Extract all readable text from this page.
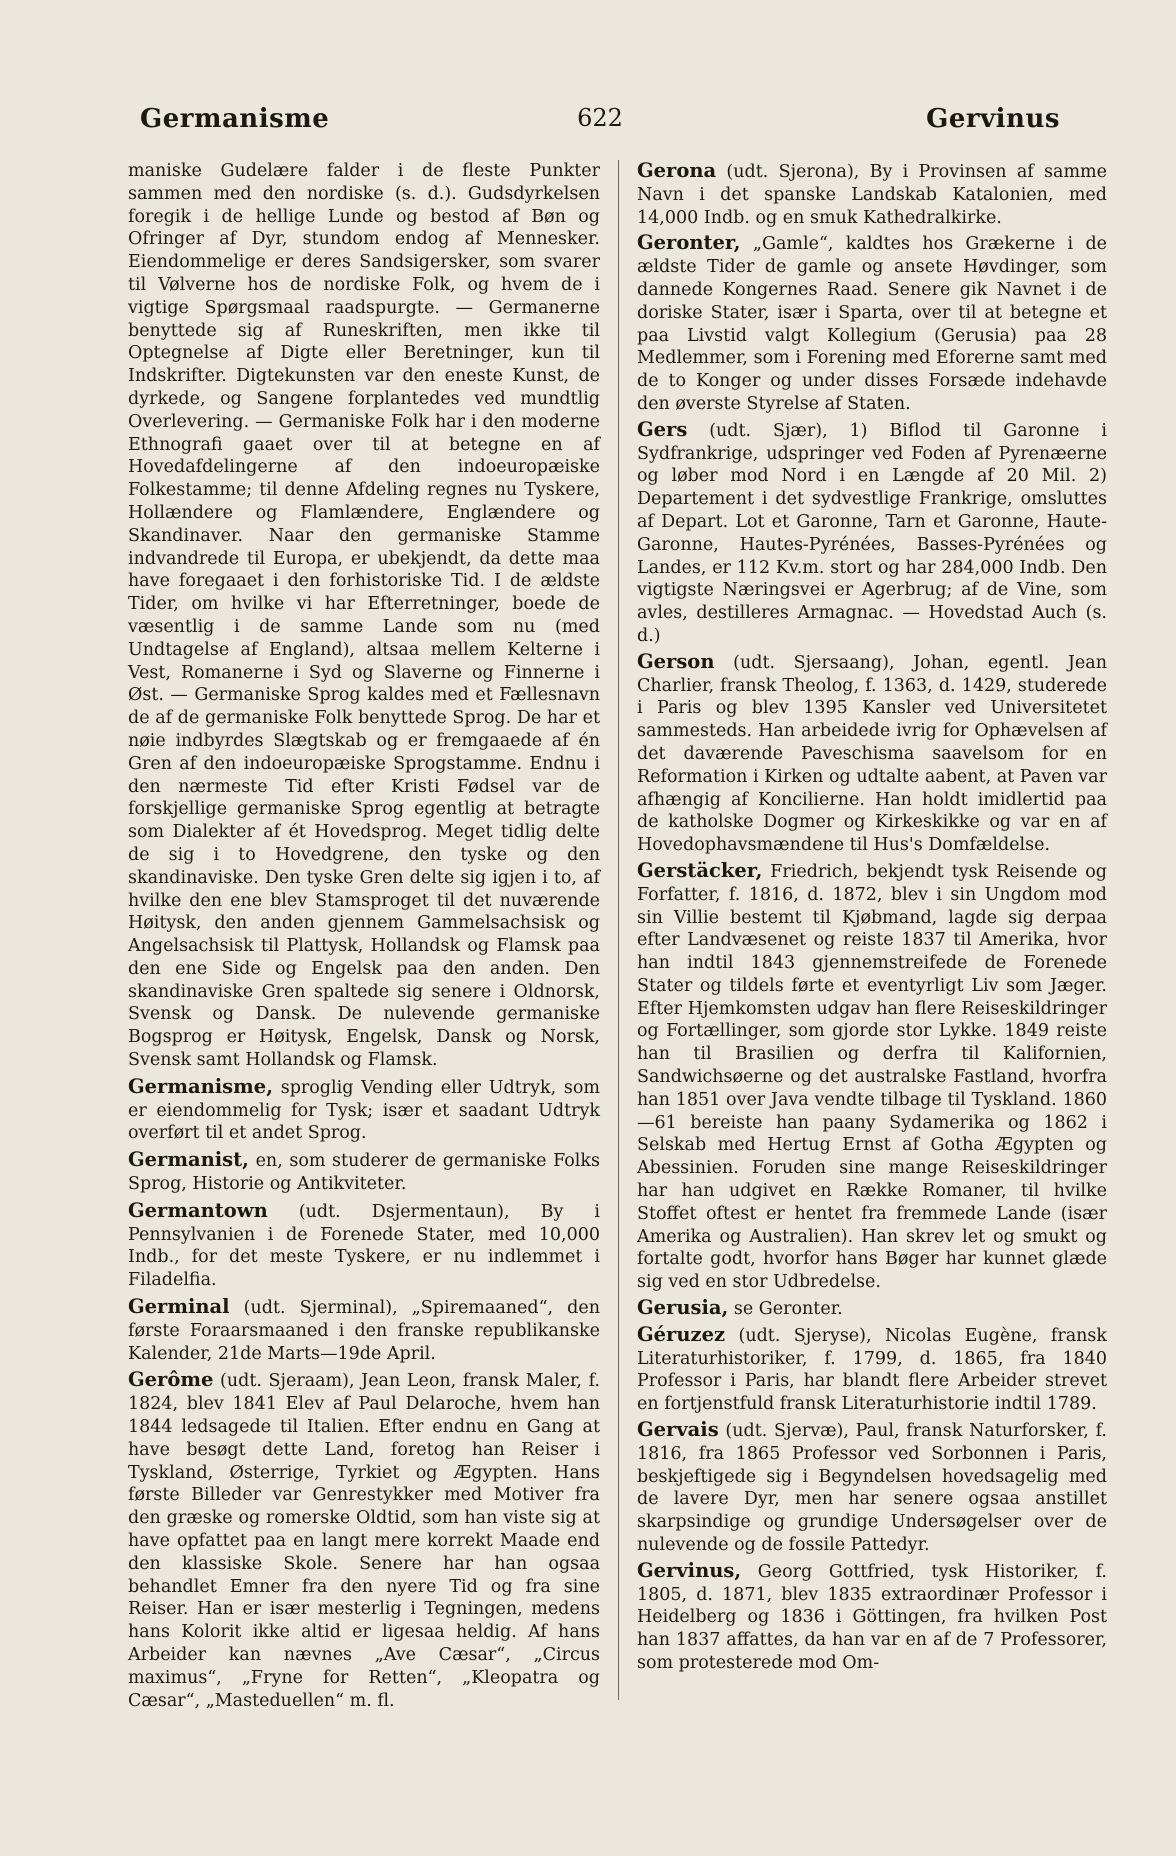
Germanisme	622	Gervinus

maniske Gudelære falder i de fleste Punkter sammen med den nordiske (s. d.). Gudsdyrkelsen foregik i de hellige Lunde og bestod af Bøn og Ofringer af Dyr, stundom endog af Mennesker. Eiendommelige er deres Sandsigersker, som svarer til Vølverne hos de nordiske Folk, og hvem de i vigtige Spørgsmaal raadspurgte. — Germanerne benyttede sig af Runeskriften, men ikke til Optegnelse af Digte eller Beretninger, kun til Indskrifter. Digtekunsten var den eneste Kunst, de dyrkede, og Sangene forplantedes ved mundtlig Overlevering. — Germaniske Folk har i den moderne Ethnografi gaaet over til at betegne en af Hovedafdelingerne af den indoeuropæiske Folkestamme; til denne Afdeling regnes nu Tyskere, Hollændere og Flamlændere, Englændere og Skandinaver. Naar den germaniske Stamme indvandrede til Europa, er ubekjendt, da dette maa have foregaaet i den forhistoriske Tid. I de ældste Tider, om hvilke vi har Efterretninger, boede de væsentlig i de samme Lande som nu (med Undtagelse af England), altsaa mellem Kelterne i Vest, Romanerne i Syd og Slaverne og Finnerne i Øst. — Germaniske Sprog kaldes med et Fællesnavn de af de germaniske Folk benyttede Sprog. De har et nøie indbyrdes Slægtskab og er fremgaaede af én Gren af den indoeuropæiske Sprogstamme. Endnu i den nærmeste Tid efter Kristi Fødsel var de forskjellige germaniske Sprog egentlig at betragte som Dialekter af ét Hovedsprog. Meget tidlig delte de sig i to Hovedgrene, den tyske og den skandinaviske. Den tyske Gren delte sig igjen i to, af hvilke den ene blev Stamsproget til det nuværende Høitysk, den anden gjennem Gammelsachsisk og Angelsachsisk til Plattysk, Hollandsk og Flamsk paa den ene Side og Engelsk paa den anden. Den skandinaviske Gren spaltede sig senere i Oldnorsk, Svensk og Dansk. De nulevende germaniske Bogsprog er Høitysk, Engelsk, Dansk og Norsk, Svensk samt Hollandsk og Flamsk.

Germanisme, sproglig Vending eller Udtryk, som er eiendommelig for Tysk; især et saadant Udtryk overført til et andet Sprog.

Germanist, en, som studerer de germaniske Folks Sprog, Historie og Antikviteter.

Germantown (udt. Dsjermentaun), By i Pennsylvanien i de Forenede Stater, med 10,000 Indb., for det meste Tyskere, er nu indlemmet i Filadelfia.

Germinal (udt. Sjerminal), „Spiremaaned“, den første Foraarsmaaned i den franske republikanske Kalender, 21de Marts—19de April.

Gerôme (udt. Sjeraam), Jean Leon, fransk Maler, f. 1824, blev 1841 Elev af Paul Delaroche, hvem han 1844 ledsagede til Italien. Efter endnu en Gang at have besøgt dette Land, foretog han Reiser i Tyskland, Østerrige, Tyrkiet og Ægypten. Hans første Billeder var Genrestykker med Motiver fra den græske og romerske Oldtid, som han viste sig at have opfattet paa en langt mere korrekt Maade end den klassiske Skole. Senere har han ogsaa behandlet Emner fra den nyere Tid og fra sine Reiser. Han er især mesterlig i Tegningen, medens hans Kolorit ikke altid er ligesaa heldig. Af hans Arbeider kan nævnes „Ave Cæsar“, „Circus maximus“, „Fryne for Retten“, „Kleopatra og Cæsar“, „Masteduellen“ m. fl.

Gerona (udt. Sjerona), By i Provinsen af samme Navn i det spanske Landskab Katalonien, med 14,000 Indb. og en smuk Kathedralkirke.

Geronter, „Gamle“, kaldtes hos Grækerne i de ældste Tider de gamle og ansete Høvdinger, som dannede Kongernes Raad. Senere gik Navnet i de doriske Stater, især i Sparta, over til at betegne et paa Livstid valgt Kollegium (Gerusia) paa 28 Medlemmer, som i Forening med Eforerne samt med de to Konger og under disses Forsæde indehavde den øverste Styrelse af Staten.

Gers (udt. Sjær), 1) Biflod til Garonne i Sydfrankrige, udspringer ved Foden af Pyrenæerne og løber mod Nord i en Længde af 20 Mil. 2) Departement i det sydvestlige Frankrige, omsluttes af Depart. Lot et Garonne, Tarn et Garonne, Haute-Garonne, Hautes-Pyrénées, Basses-Pyrénées og Landes, er 112 Kv.m. stort og har 284,000 Indb. Den vigtigste Næringsvei er Agerbrug; af de Vine, som avles, destilleres Armagnac. — Hovedstad Auch (s. d.)

Gerson (udt. Sjersaang), Johan, egentl. Jean Charlier, fransk Theolog, f. 1363, d. 1429, studerede i Paris og blev 1395 Kansler ved Universitetet sammesteds. Han arbeidede ivrig for Ophævelsen af det daværende Paveschisma saavelsom for en Reformation i Kirken og udtalte aabent, at Paven var afhængig af Koncilierne. Han holdt imidlertid paa de katholske Dogmer og Kirkeskikke og var en af Hovedophavsmændene til Hus's Domfældelse.

Gerstäcker, Friedrich, bekjendt tysk Reisende og Forfatter, f. 1816, d. 1872, blev i sin Ungdom mod sin Villie bestemt til Kjøbmand, lagde sig derpaa efter Landvæsenet og reiste 1837 til Amerika, hvor han indtil 1843 gjennemstreifede de Forenede Stater og tildels førte et eventyrligt Liv som Jæger. Efter Hjemkomsten udgav han flere Reiseskildringer og Fortællinger, som gjorde stor Lykke. 1849 reiste han til Brasilien og derfra til Kalifornien, Sandwichsøerne og det australske Fastland, hvorfra han 1851 over Java vendte tilbage til Tyskland. 1860—61 bereiste han paany Sydamerika og 1862 i Selskab med Hertug Ernst af Gotha Ægypten og Abessinien. Foruden sine mange Reiseskildringer har han udgivet en Række Romaner, til hvilke Stoffet oftest er hentet fra fremmede Lande (især Amerika og Australien). Han skrev let og smukt og fortalte godt, hvorfor hans Bøger har kunnet glæde sig ved en stor Udbredelse.

Gerusia, se Geronter.

Géruzez (udt. Sjeryse), Nicolas Eugène, fransk Literaturhistoriker, f. 1799, d. 1865, fra 1840 Professor i Paris, har blandt flere Arbeider strevet en fortjenstfuld fransk Literaturhistorie indtil 1789.

Gervais (udt. Sjervæ), Paul, fransk Naturforsker, f. 1816, fra 1865 Professor ved Sorbonnen i Paris, beskjeftigede sig i Begyndelsen hovedsagelig med de lavere Dyr, men har senere ogsaa anstillet skarpsindige og grundige Undersøgelser over de nulevende og de fossile Pattedyr.

Gervinus, Georg Gottfried, tysk Historiker, f. 1805, d. 1871, blev 1835 extraordinær Professor i Heidelberg og 1836 i Göttingen, fra hvilken Post han 1837 affattes, da han var en af de 7 Professorer, som protesterede mod Om-
